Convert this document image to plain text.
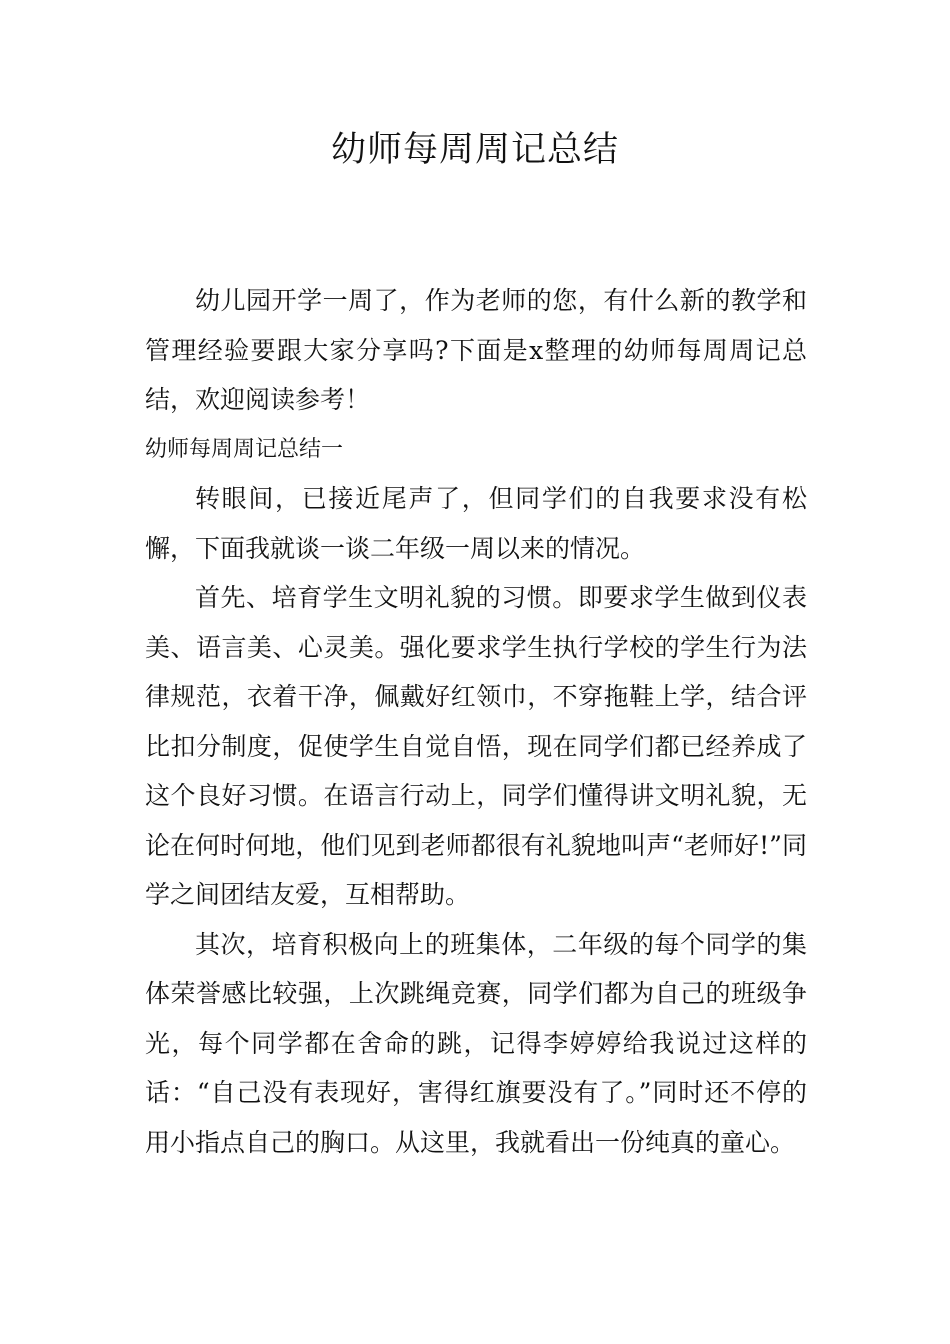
幼师每周周记总结

幼儿园开学一周了，作为老师的您，有什么新的教学和管理经验要跟大家分享吗?下面是x整理的幼师每周周记总结，欢迎阅读参考！

幼师每周周记总结一

转眼间，已接近尾声了，但同学们的自我要求没有松懈，下面我就谈一谈二年级一周以来的情况。

首先、培育学生文明礼貌的习惯。即要求学生做到仪表美、语言美、心灵美。强化要求学生执行学校的学生行为法律规范，衣着干净，佩戴好红领巾，不穿拖鞋上学，结合评比扣分制度，促使学生自觉自悟，现在同学们都已经养成了这个良好习惯。在语言行动上，同学们懂得讲文明礼貌，无论在何时何地，他们见到老师都很有礼貌地叫声“老师好!”同学之间团结友爱，互相帮助。

其次，培育积极向上的班集体，二年级的每个同学的集体荣誉感比较强，上次跳绳竞赛，同学们都为自己的班级争光，每个同学都在舍命的跳，记得李婷婷给我说过这样的话：“自己没有表现好，害得红旗要没有了。”同时还不停的用小指点自己的胸口。从这里，我就看出一份纯真的童心。
